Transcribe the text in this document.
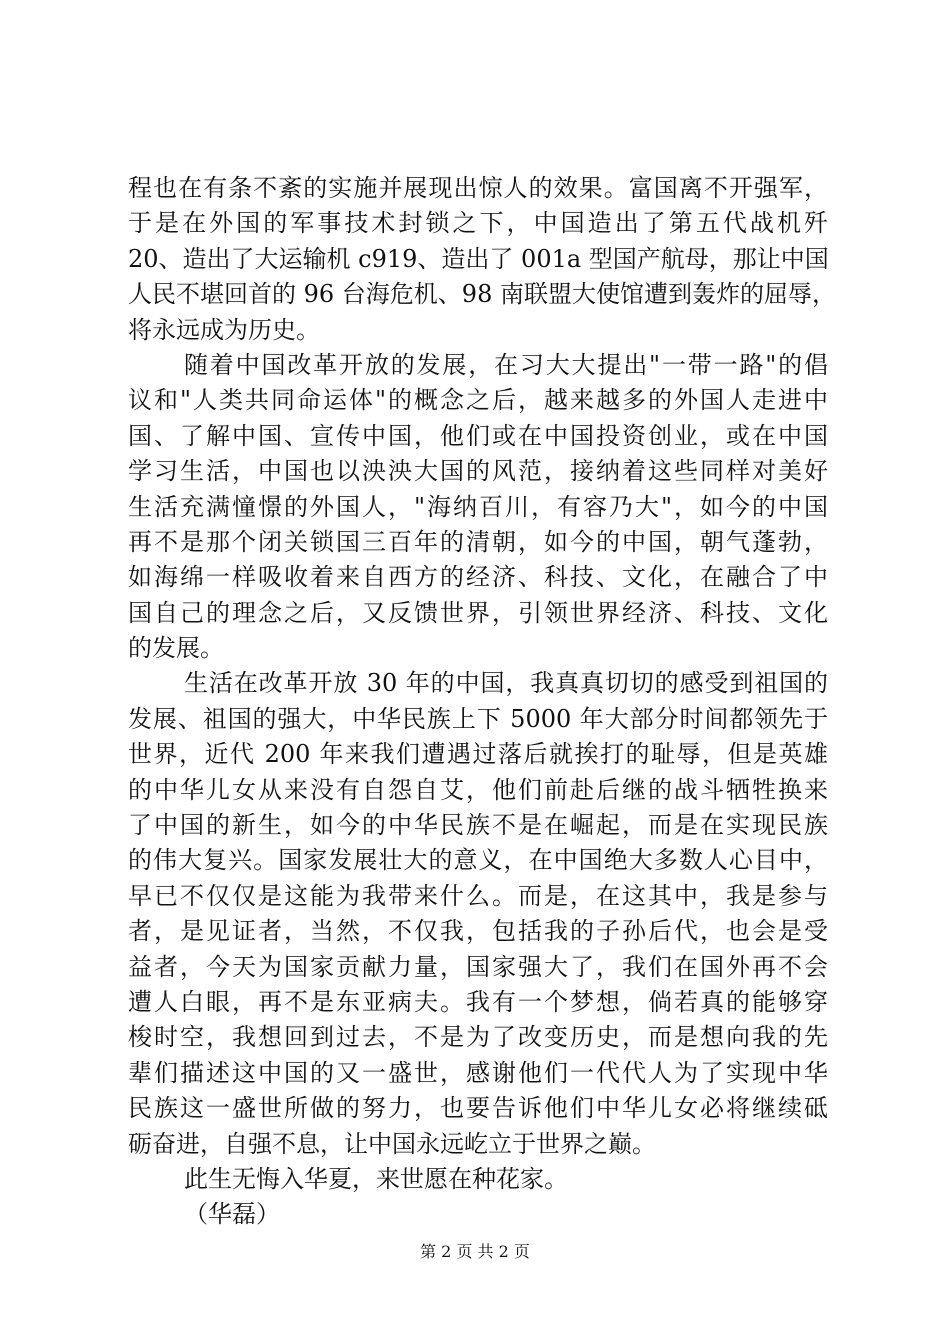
程也在有条不紊的实施并展现出惊人的效果。富国离不开强军，
于是在外国的军事技术封锁之下，中国造出了第五代战机歼
20、造出了大运输机 c919、造出了 001a 型国产航母，那让中国
人民不堪回首的 96 台海危机、98 南联盟大使馆遭到轰炸的屈辱，
将永远成为历史。
随着中国改革开放的发展，在习大大提出"一带一路"的倡
议和"人类共同命运体"的概念之后，越来越多的外国人走进中
国、了解中国、宣传中国，他们或在中国投资创业，或在中国
学习生活，中国也以泱泱大国的风范，接纳着这些同样对美好
生活充满憧憬的外国人，"海纳百川，有容乃大"，如今的中国
再不是那个闭关锁国三百年的清朝，如今的中国，朝气蓬勃，
如海绵一样吸收着来自西方的经济、科技、文化，在融合了中
国自己的理念之后，又反馈世界，引领世界经济、科技、文化
的发展。
生活在改革开放 30 年的中国，我真真切切的感受到祖国的
发展、祖国的强大，中华民族上下 5000 年大部分时间都领先于
世界，近代 200 年来我们遭遇过落后就挨打的耻辱，但是英雄
的中华儿女从来没有自怨自艾，他们前赴后继的战斗牺牲换来
了中国的新生，如今的中华民族不是在崛起，而是在实现民族
的伟大复兴。国家发展壮大的意义，在中国绝大多数人心目中，
早已不仅仅是这能为我带来什么。而是，在这其中，我是参与
者，是见证者，当然，不仅我，包括我的子孙后代，也会是受
益者，今天为国家贡献力量，国家强大了，我们在国外再不会
遭人白眼，再不是东亚病夫。我有一个梦想，倘若真的能够穿
梭时空，我想回到过去，不是为了改变历史，而是想向我的先
辈们描述这中国的又一盛世，感谢他们一代代人为了实现中华
民族这一盛世所做的努力，也要告诉他们中华儿女必将继续砥
砺奋进，自强不息，让中国永远屹立于世界之巅。
此生无悔入华夏，来世愿在种花家。
（华磊）
第 2 页 共 2 页
